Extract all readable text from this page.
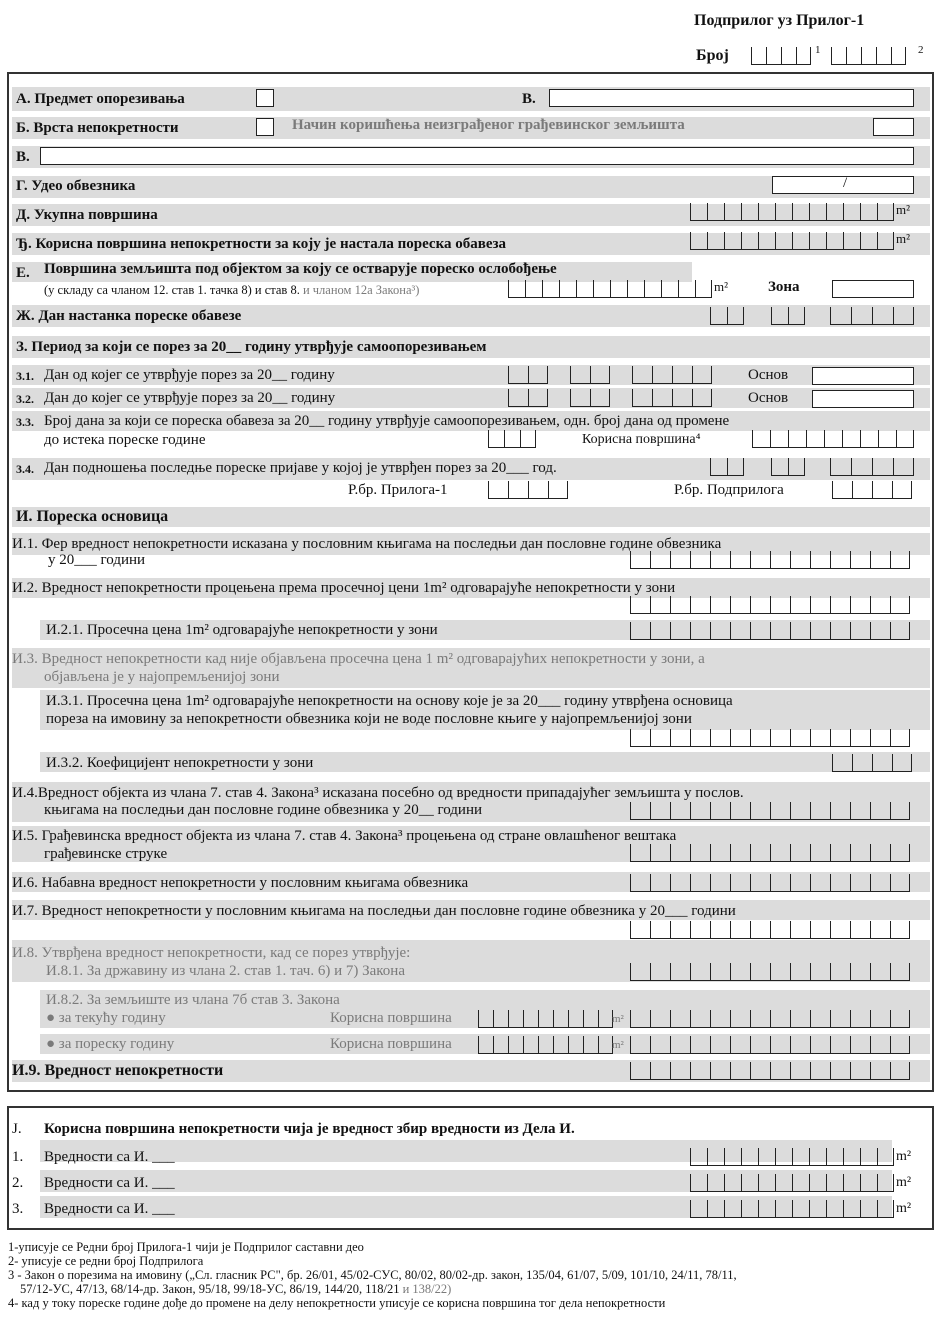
Подприлог уз Прилог-1
Број	1	2
А. Предмет опорезивања	В.
Б. Врста непокретности	Начин коришћења неизграђеног грађевинског земљишта
В.
Г. Удео обвезника	/
Д. Укупна површина	m²
Ђ. Корисна површина непокретности за коју је настала пореска обавеза	m²
Е. Површина земљишта под објектом за коју се остварује пореско ослобођење
(у складу са чланом 12. став 1. тачка 8) и став 8. и чланом 12а Закона³)	m²	Зона
Ж. Дан настанка пореске обавезе
З. Период за који се порез за 20__ годину утврђује самоопорезивањем
3.1. Дан од којег се утврђује порез за 20__ годину	Основ
3.2. Дан до којег се утврђује порез за 20__ годину	Основ
3.3. Број дана за који се пореска обавеза за 20__ годину утврђује самоопорезивањем, одн. број дана од промене
до истека пореске године	Корисна површина⁴
3.4. Дан подношења последње пореске пријаве у којој је утврђен порез за 20___ год.
Р.бр. Прилога-1	Р.бр. Подприлога
И. Пореска основица
И.1. Фер вредност непокретности исказана у пословним књигама на последњи дан пословне године обвезника
у 20___ години
И.2. Вредност непокретности процењена према просечној цени 1m² одговарајуће непокретности у зони
И.2.1. Просечна цена 1m² одговарајуће непокретности у зони
И.3. Вредност непокретности кад није објављена просечна цена 1 m² одговарајућих непокретности у зони, а
објављена је у најопремљенијој зони
И.3.1. Просечна цена 1m² одговарајуће непокретности на основу које је за 20___ годину утврђена основица
пореза на имовину за непокретности обвезника који не воде пословне књиге у најопремљенијој зони
И.3.2. Коефицијент непокретности у зони
И.4.Вредност објекта из члана 7. став 4. Закона³ исказана посебно од вредности припадајућег земљишта у послов.
књигама на последњи дан пословне године обвезника у 20__ години
И.5. Грађевинска вредност објекта из члана 7. став 4. Закона³ процењена од стране овлашћеног вештака
грађевинске струке
И.6. Набавна вредност непокретности у пословним књигама обвезника
И.7. Вредност непокретности у пословним књигама на последњи дан пословне године обвезника у 20___ години
И.8. Утврђена вредност непокретности, кад се порез утврђује:
И.8.1. За државину из члана 2. став 1. тач. 6) и 7) Закона
И.8.2. За земљиште из члана 7б став 3. Закона
● за текућу годину	Корисна површина	m²
● за пореску годину	Корисна површина	m²
И.9. Вредност непокретности
Ј. Корисна површина непокретности чија је вредност збир вредности из Дела И.
1. Вредности са И. ___	m²
2. Вредности са И. ___	m²
3. Вредности са И. ___	m²
1-уписује се Редни број Прилога-1 чији је Подприлог саставни део
2- уписује се редни број Подприлога
3 - Закон о порезима на имовину („Сл. гласник РС", бр. 26/01, 45/02-СУС, 80/02, 80/02-др. закон, 135/04, 61/07, 5/09, 101/10, 24/11, 78/11,
57/12-УС, 47/13, 68/14-др. Закон, 95/18, 99/18-УС, 86/19, 144/20, 118/21 и 138/22)
4- кад у току пореске године дође до промене на делу непокретности уписује се корисна површина тог дела непокретности
